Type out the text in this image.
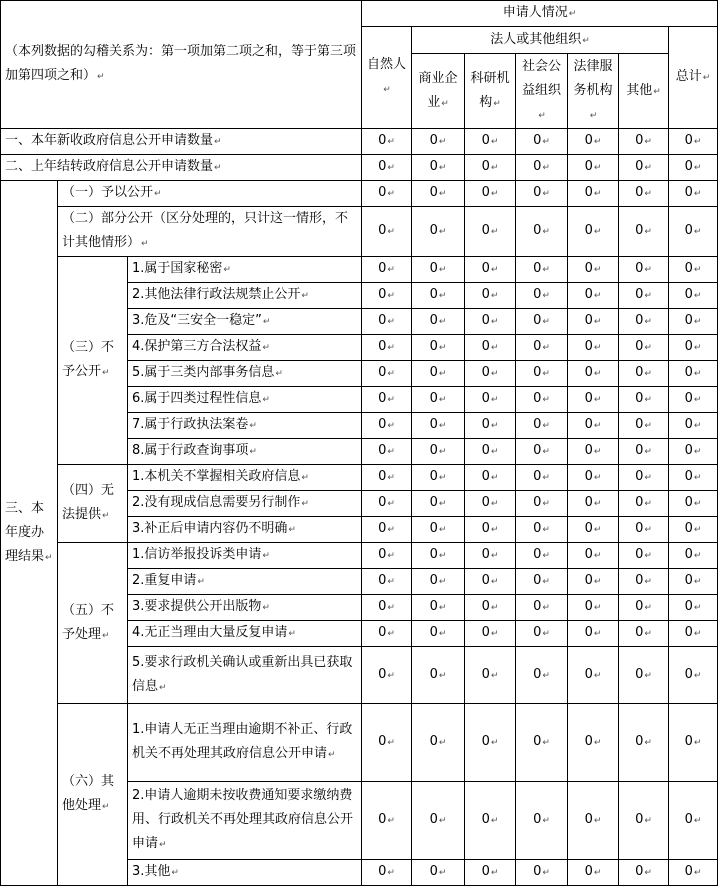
（本列数据的勾稽关系为：第一项加第二项之和，等于第三项加第四项之和） ↵			申请人情况 ↵
			自然人 ↵	法人或其他组织 ↵					总计 ↵
				商业企业 ↵	科研机构 ↵	社会公益组织 ↵	法律服务机构 ↵	其他 ↵
一、本年新收政府信息公开申请数量 ↵			0 ↵	0 ↵	0 ↵	0 ↵	0 ↵	0 ↵	0 ↵
二、上年结转政府信息公开申请数量 ↵			0 ↵	0 ↵	0 ↵	0 ↵	0 ↵	0 ↵	0 ↵
三、本年度办理结果 ↵	（一）予以公开 ↵		0 ↵	0 ↵	0 ↵	0 ↵	0 ↵	0 ↵	0 ↵
	（二）部分公开（区分处理的，只计这一情形，不计其他情形） ↵		0 ↵	0 ↵	0 ↵	0 ↵	0 ↵	0 ↵	0 ↵
	（三）不予公开 ↵	1.属于国家秘密 ↵	0 ↵	0 ↵	0 ↵	0 ↵	0 ↵	0 ↵	0 ↵
		2.其他法律行政法规禁止公开 ↵	0 ↵	0 ↵	0 ↵	0 ↵	0 ↵	0 ↵	0 ↵
		3.危及“三安全一稳定” ↵	0 ↵	0 ↵	0 ↵	0 ↵	0 ↵	0 ↵	0 ↵
		4.保护第三方合法权益 ↵	0 ↵	0 ↵	0 ↵	0 ↵	0 ↵	0 ↵	0 ↵
		5.属于三类内部事务信息 ↵	0 ↵	0 ↵	0 ↵	0 ↵	0 ↵	0 ↵	0 ↵
		6.属于四类过程性信息 ↵	0 ↵	0 ↵	0 ↵	0 ↵	0 ↵	0 ↵	0 ↵
		7.属于行政执法案卷 ↵	0 ↵	0 ↵	0 ↵	0 ↵	0 ↵	0 ↵	0 ↵
		8.属于行政查询事项 ↵	0 ↵	0 ↵	0 ↵	0 ↵	0 ↵	0 ↵	0 ↵
	（四）无法提供 ↵	1.本机关不掌握相关政府信息 ↵	0 ↵	0 ↵	0 ↵	0 ↵	0 ↵	0 ↵	0 ↵
		2.没有现成信息需要另行制作 ↵	0 ↵	0 ↵	0 ↵	0 ↵	0 ↵	0 ↵	0 ↵
		3.补正后申请内容仍不明确 ↵	0 ↵	0 ↵	0 ↵	0 ↵	0 ↵	0 ↵	0 ↵
	（五）不予处理 ↵	1.信访举报投诉类申请 ↵	0 ↵	0 ↵	0 ↵	0 ↵	0 ↵	0 ↵	0 ↵
		2.重复申请 ↵	0 ↵	0 ↵	0 ↵	0 ↵	0 ↵	0 ↵	0 ↵
		3.要求提供公开出版物 ↵	0 ↵	0 ↵	0 ↵	0 ↵	0 ↵	0 ↵	0 ↵
		4.无正当理由大量反复申请 ↵	0 ↵	0 ↵	0 ↵	0 ↵	0 ↵	0 ↵	0 ↵
		5.要求行政机关确认或重新出具已获取信息 ↵	0 ↵	0 ↵	0 ↵	0 ↵	0 ↵	0 ↵	0 ↵
	（六）其他处理 ↵	1.申请人无正当理由逾期不补正、行政机关不再处理其政府信息公开申请 ↵	0 ↵	0 ↵	0 ↵	0 ↵	0 ↵	0 ↵	0 ↵
		2.申请人逾期未按收费通知要求缴纳费用、行政机关不再处理其政府信息公开申请 ↵	0 ↵	0 ↵	0 ↵	0 ↵	0 ↵	0 ↵	0 ↵
		3.其他 ↵	0 ↵	0 ↵	0 ↵	0 ↵	0 ↵	0 ↵	0 ↵
